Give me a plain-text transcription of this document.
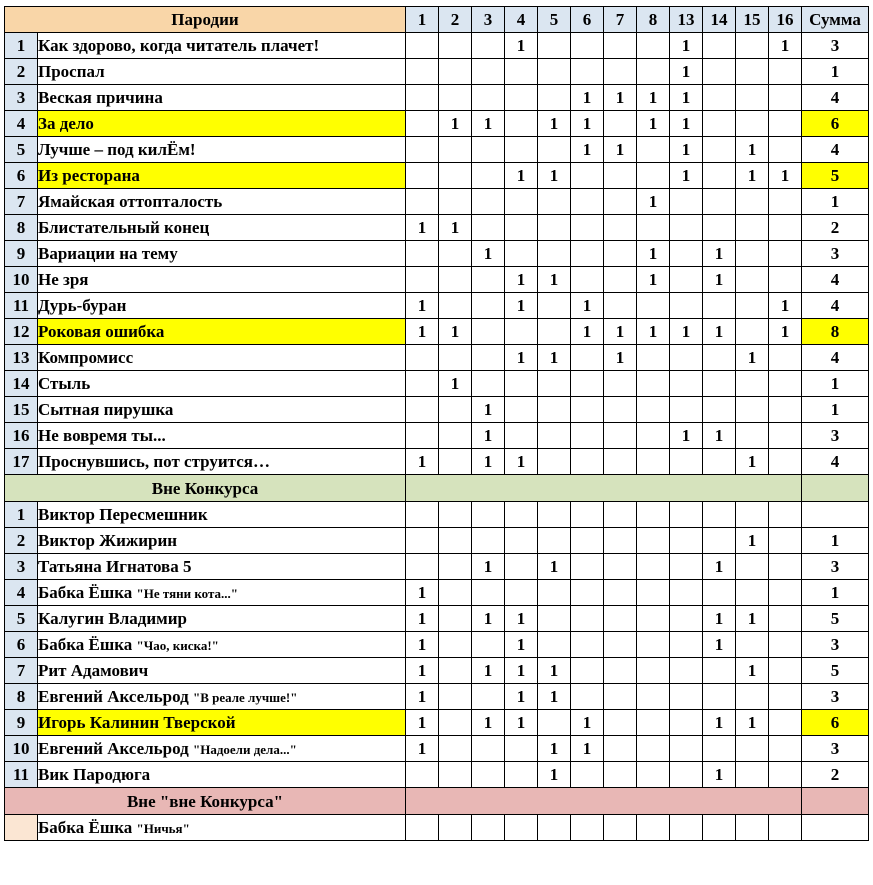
Пародии		1	2	3	4	5	6	7	8	13	14	15	16	Сумма
1	Как здорово, когда читатель плачет!				1					1			1	3
2	Проспал									1				1
3	Веская причина						1	1	1	1				4
4	За дело		1	1		1	1		1	1				6
5	Лучше – под килЁм!						1	1		1		1		4
6	Из ресторана				1	1				1		1	1	5
7	Ямайская оттопталость								1					1
8	Блистательный конец	1	1											2
9	Вариации на тему			1					1		1			3
10	Не зря				1	1			1		1			4
11	Дурь-буран	1			1		1						1	4
12	Роковая ошибка	1	1				1	1	1	1	1		1	8
13	Компромисс				1	1		1				1		4
14	Стыль		1											1
15	Сытная пирушка			1										1
16	Не вовремя ты...			1						1	1			3
17	Проснувшись, пот струится…	1		1	1							1		4
Вне Конкурса														
1	Виктор Пересмешник													
2	Виктор Жижирин											1		1
3	Татьяна Игнатова 5			1		1					1			3
4	Бабка Ёшка "Не тяни кота..."	1												1
5	Калугин Владимир	1		1	1						1	1		5
6	Бабка Ёшка "Чао, киска!"	1			1						1			3
7	Рит Адамович	1		1	1	1						1		5
8	Евгений Аксельрод "В реале лучше!"	1			1	1								3
9	Игорь Калинин Тверской	1		1	1		1				1	1		6
10	Евгений Аксельрод "Надоели дела..."	1				1	1							3
11	Вик Пародюга					1					1			2
Вне "вне Конкурса"														
	Бабка Ёшка "Ничья"													
